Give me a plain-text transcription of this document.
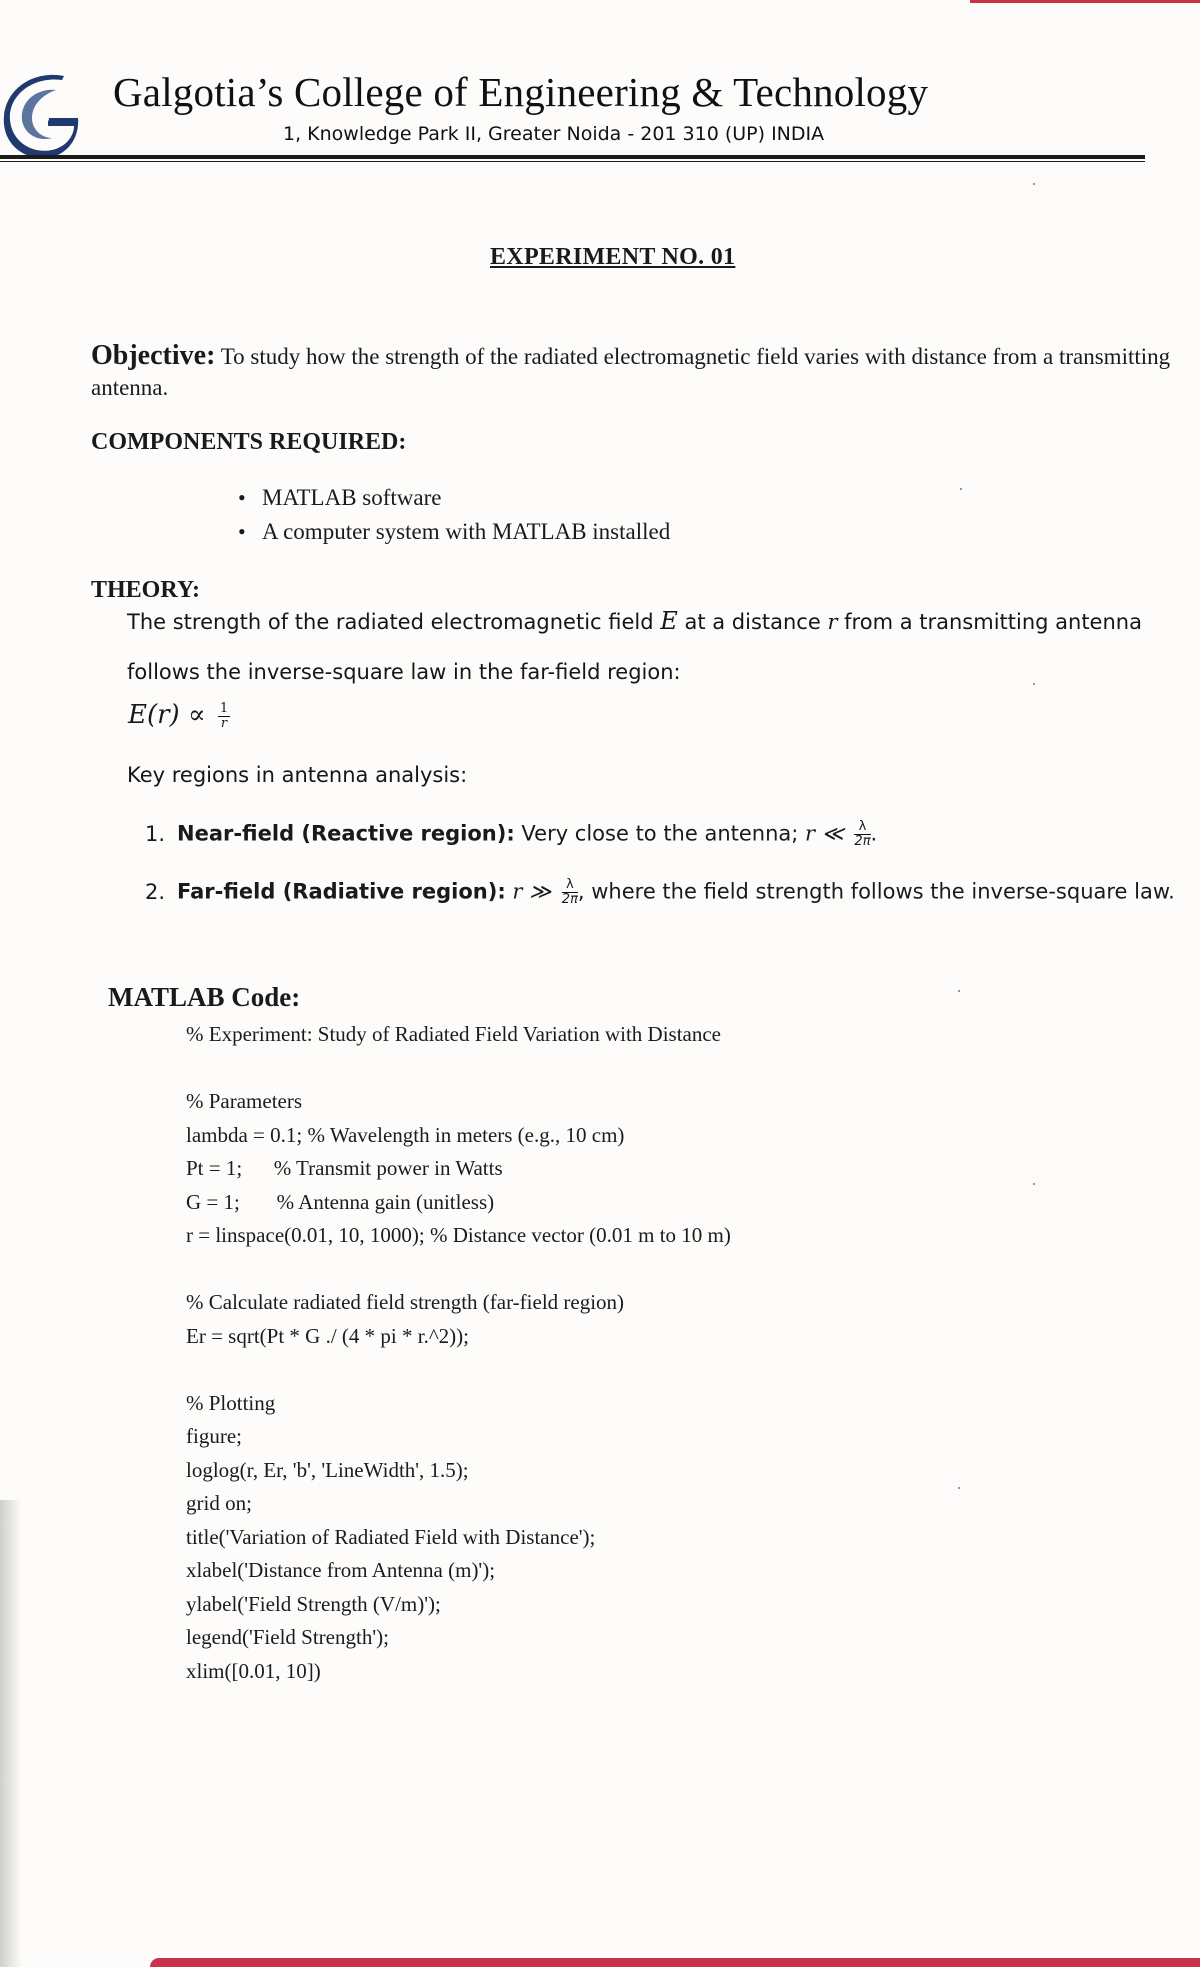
Galgotia’s College of Engineering & Technology
1, Knowledge Park II, Greater Noida - 201 310 (UP) INDIA
EXPERIMENT NO. 01
Objective: To study how the strength of the radiated electromagnetic field varies with distance from a transmitting antenna.
COMPONENTS REQUIRED:
• MATLAB software
• A computer system with MATLAB installed
THEORY:
The strength of the radiated electromagnetic field E at a distance r from a transmitting antenna
follows the inverse-square law in the far-field region:
$E(r) \propto \frac{1}{r}$
Key regions in antenna analysis:
1. Near-field (Reactive region): Very close to the antenna; r ≪ $\frac{\lambda}{2\pi}$ .
2. Far-field (Radiative region): r ≫ $\frac{\lambda}{2\pi}$ , where the field strength follows the inverse-square law.
MATLAB Code:
% Experiment: Study of Radiated Field Variation with Distance
% Parameters
lambda = 0.1; % Wavelength in meters (e.g., 10 cm)
Pt = 1;      % Transmit power in Watts
G = 1;       % Antenna gain (unitless)
r = linspace(0.01, 10, 1000); % Distance vector (0.01 m to 10 m)
% Calculate radiated field strength (far-field region)
Er = sqrt(Pt * G ./ (4 * pi * r.^2));
% Plotting
figure;
loglog(r, Er, 'b', 'LineWidth', 1.5);
grid on;
title('Variation of Radiated Field with Distance');
xlabel('Distance from Antenna (m)');
ylabel('Field Strength (V/m)');
legend('Field Strength');
xlim([0.01, 10])
